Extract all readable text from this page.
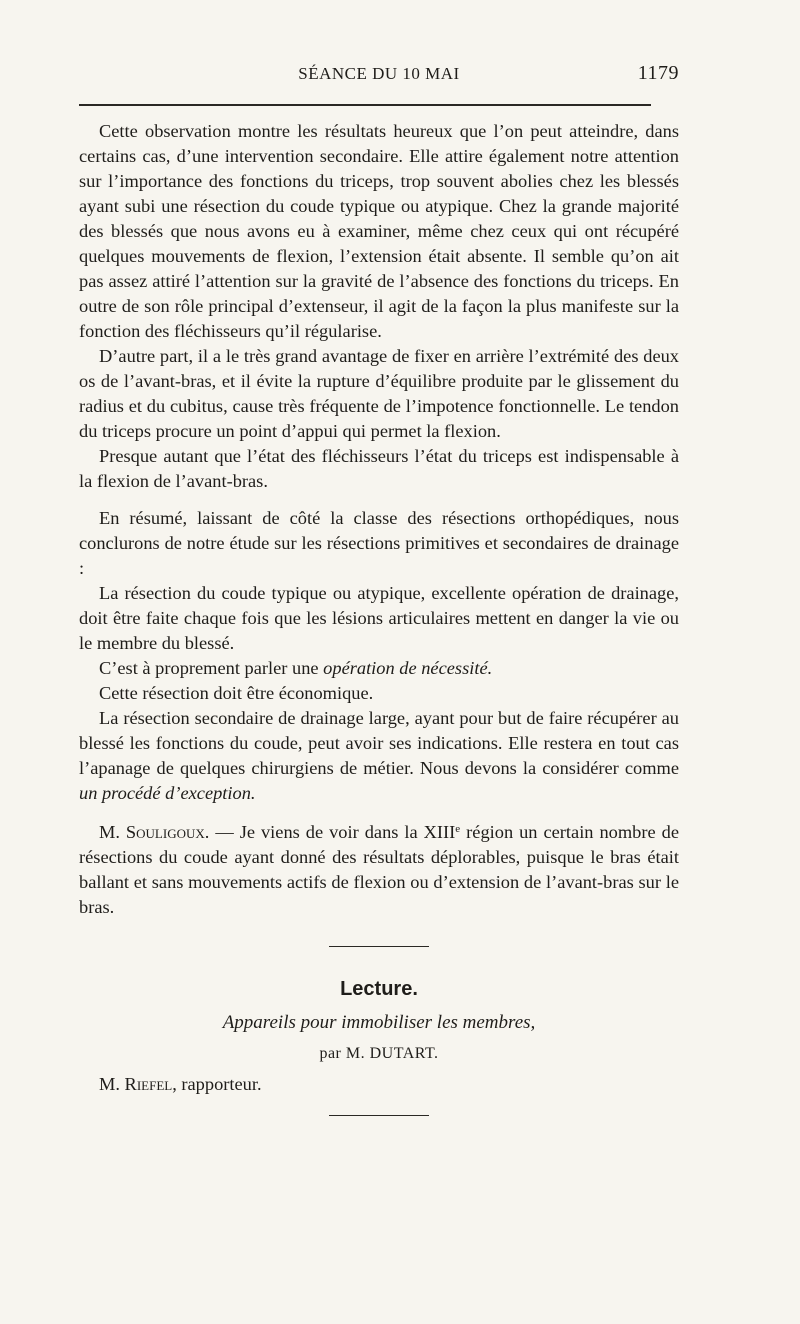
SÉANCE DU 10 MAI	1179

Cette observation montre les résultats heureux que l’on peut atteindre, dans certains cas, d’une intervention secondaire. Elle attire également notre attention sur l’importance des fonctions du triceps, trop souvent abolies chez les blessés ayant subi une résection du coude typique ou atypique. Chez la grande majorité des blessés que nous avons eu à examiner, même chez ceux qui ont récupéré quelques mouvements de flexion, l’extension était absente. Il semble qu’on ait pas assez attiré l’attention sur la gravité de l’absence des fonctions du triceps. En outre de son rôle principal d’extenseur, il agit de la façon la plus manifeste sur la fonction des fléchisseurs qu’il régularise.

D’autre part, il a le très grand avantage de fixer en arrière l’extrémité des deux os de l’avant-bras, et il évite la rupture d’équilibre produite par le glissement du radius et du cubitus, cause très fréquente de l’impotence fonctionnelle. Le tendon du triceps procure un point d’appui qui permet la flexion.

Presque autant que l’état des fléchisseurs l’état du triceps est indispensable à la flexion de l’avant-bras.

En résumé, laissant de côté la classe des résections orthopédiques, nous conclurons de notre étude sur les résections primitives et secondaires de drainage :

La résection du coude typique ou atypique, excellente opération de drainage, doit être faite chaque fois que les lésions articulaires mettent en danger la vie ou le membre du blessé.

C’est à proprement parler une opération de nécessité.

Cette résection doit être économique.

La résection secondaire de drainage large, ayant pour but de faire récupérer au blessé les fonctions du coude, peut avoir ses indications. Elle restera en tout cas l’apanage de quelques chirurgiens de métier. Nous devons la considérer comme un procédé d’exception.

M. Souligoux. — Je viens de voir dans la XIIIe région un certain nombre de résections du coude ayant donné des résultats déplorables, puisque le bras était ballant et sans mouvements actifs de flexion ou d’extension de l’avant-bras sur le bras.

Lecture.

Appareils pour immobiliser les membres,

par M. DUTART.

M. Riefel, rapporteur.
